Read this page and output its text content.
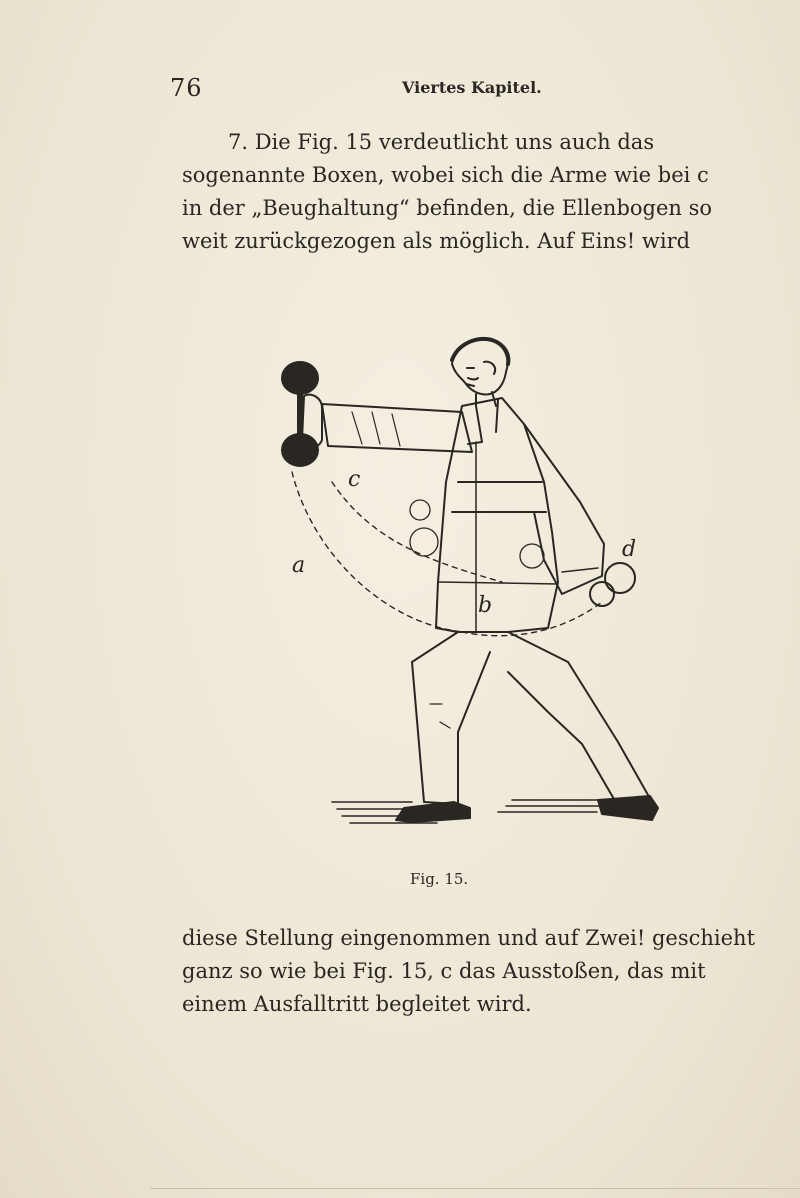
76	Viertes Kapitel.

7. Die Fig. 15 verdeutlicht uns auch das
sogenannte Boxen, wobei sich die Arme wie bei c
in der „Beughaltung“ befinden, die Ellenbogen so
weit zurückgezogen als möglich. Auf Eins! wird

a
b
c
d
Fig. 15.

diese Stellung eingenommen und auf Zwei! geschieht
ganz so wie bei Fig. 15, c das Ausstoßen, das mit
einem Ausfalltritt begleitet wird.
